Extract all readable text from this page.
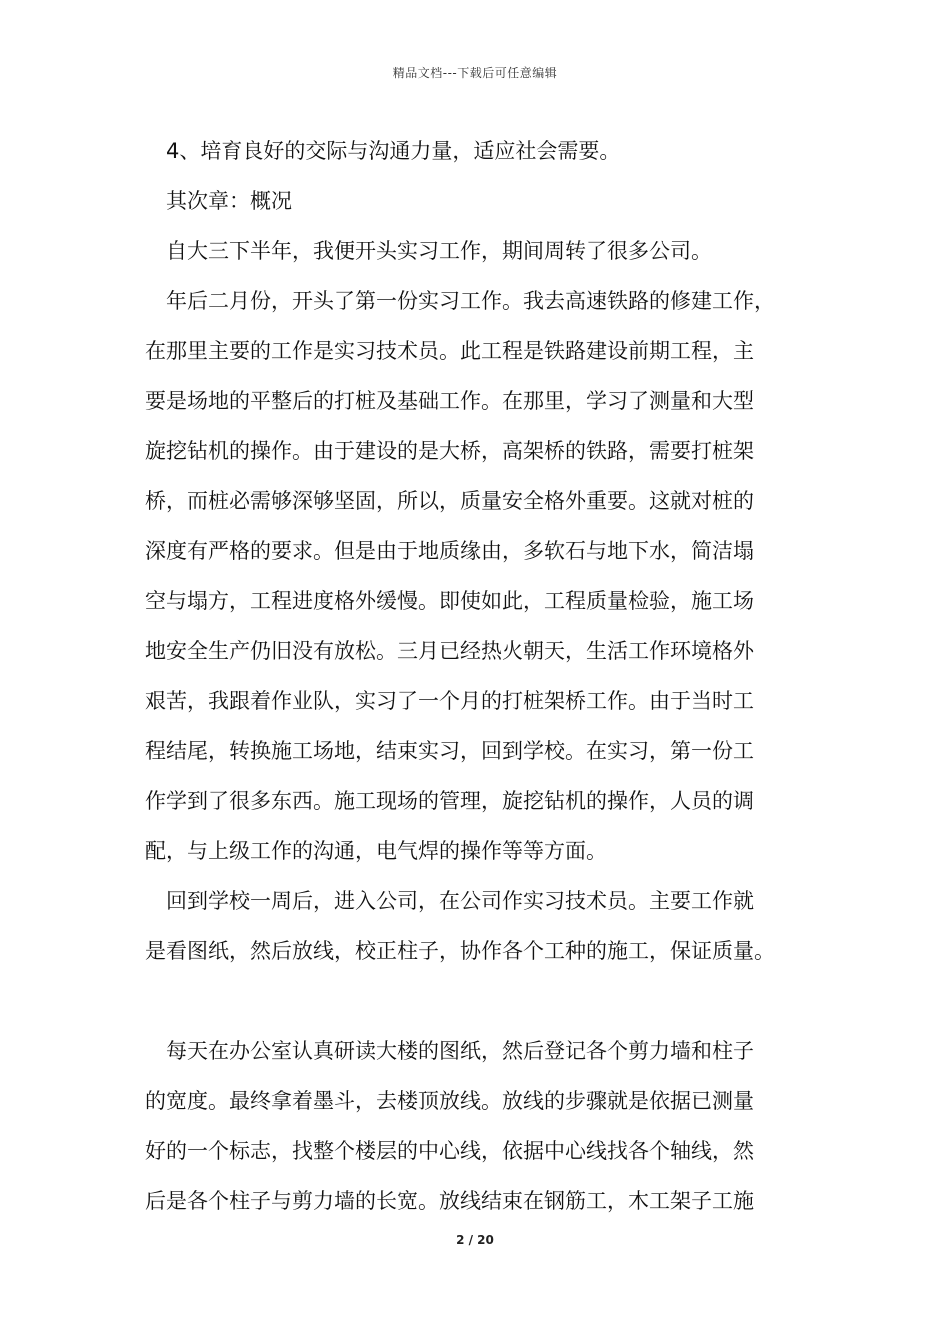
精品文档---下载后可任意编辑
4、培育良好的交际与沟通力量，适应社会需要。
其次章：概况
自大三下半年，我便开头实习工作，期间周转了很多公司。
年后二月份，开头了第一份实习工作。我去高速铁路的修建工作，
在那里主要的工作是实习技术员。此工程是铁路建设前期工程，主
要是场地的平整后的打桩及基础工作。在那里，学习了测量和大型
旋挖钻机的操作。由于建设的是大桥，高架桥的铁路，需要打桩架
桥，而桩必需够深够坚固，所以，质量安全格外重要。这就对桩的
深度有严格的要求。但是由于地质缘由，多软石与地下水，简洁塌
空与塌方，工程进度格外缓慢。即使如此，工程质量检验，施工场
地安全生产仍旧没有放松。三月已经热火朝天，生活工作环境格外
艰苦，我跟着作业队，实习了一个月的打桩架桥工作。由于当时工
程结尾，转换施工场地，结束实习，回到学校。在实习，第一份工
作学到了很多东西。施工现场的管理，旋挖钻机的操作，人员的调
配，与上级工作的沟通，电气焊的操作等等方面。
回到学校一周后，进入公司，在公司作实习技术员。主要工作就
是看图纸，然后放线，校正柱子，协作各个工种的施工，保证质量。
每天在办公室认真研读大楼的图纸，然后登记各个剪力墙和柱子
的宽度。最终拿着墨斗，去楼顶放线。放线的步骤就是依据已测量
好的一个标志，找整个楼层的中心线，依据中心线找各个轴线，然
后是各个柱子与剪力墙的长宽。放线结束在钢筋工，木工架子工施
2 / 20
